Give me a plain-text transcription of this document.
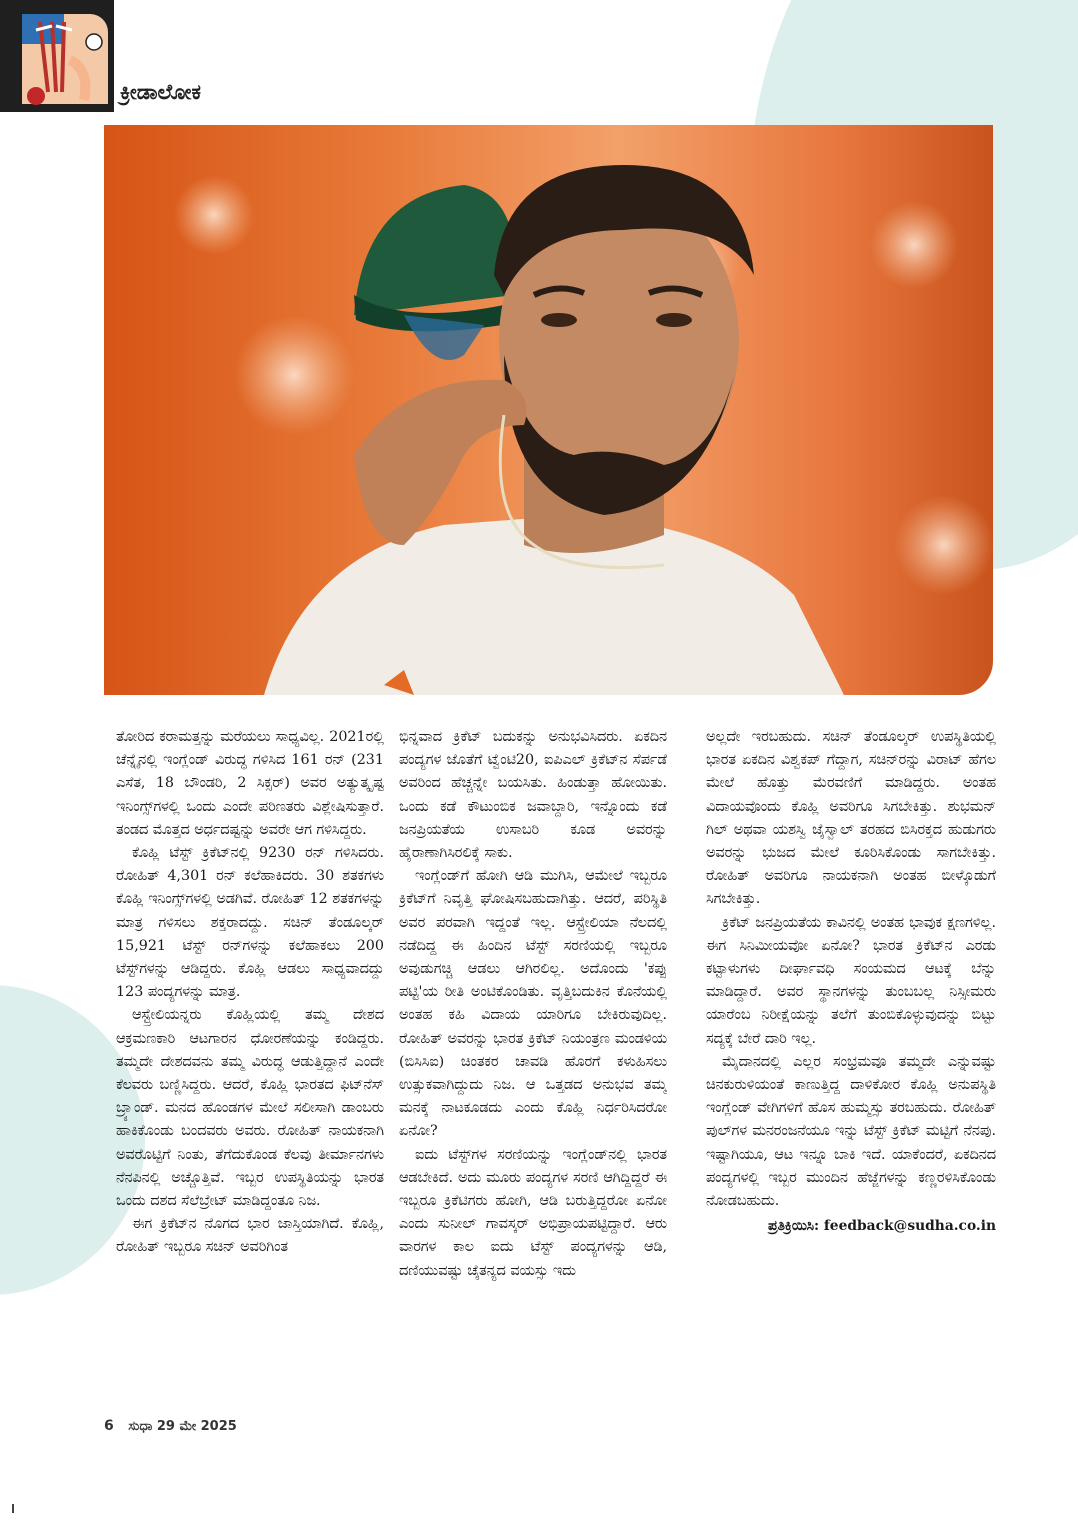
ಕ್ರೀಡಾಲೋಕ

ತೋರಿದ ಕರಾಮತ್ತನ್ನು ಮರೆಯಲು ಸಾಧ್ಯವಿಲ್ಲ. 2021ರಲ್ಲಿ ಚೆನ್ನೈನಲ್ಲಿ ಇಂಗ್ಲೆಂಡ್ ವಿರುದ್ಧ ಗಳಿಸಿದ 161 ರನ್ (231 ಎಸೆತ, 18 ಬೌಂಡರಿ, 2 ಸಿಕ್ಸರ್) ಅವರ ಅತ್ಯುತ್ಕೃಷ್ಟ ಇನಿಂಗ್ಸ್‌ಗಳಲ್ಲಿ ಒಂದು ಎಂದೇ ಪರಿಣತರು ವಿಶ್ಲೇಷಿಸುತ್ತಾರೆ. ತಂಡದ ಮೊತ್ತದ ಅರ್ಧದಷ್ಟನ್ನು ಅವರೇ ಆಗ ಗಳಿಸಿದ್ದರು.

ಕೊಹ್ಲಿ ಟೆಸ್ಟ್ ಕ್ರಿಕೆಟ್‌ನಲ್ಲಿ 9230 ರನ್ ಗಳಿಸಿದರು. ರೋಹಿತ್ 4,301 ರನ್ ಕಲೆಹಾಕಿದರು. 30 ಶತಕಗಳು ಕೊಹ್ಲಿ ಇನಿಂಗ್ಸ್‌ಗಳಲ್ಲಿ ಅಡಗಿವೆ. ರೋಹಿತ್ 12 ಶತಕಗಳನ್ನು ಮಾತ್ರ ಗಳಿಸಲು ಶಕ್ತರಾದದ್ದು. ಸಚಿನ್ ತೆಂಡೂಲ್ಕರ್ 15,921 ಟೆಸ್ಟ್ ರನ್‌ಗಳನ್ನು ಕಲೆಹಾಕಲು 200 ಟೆಸ್ಟ್‌ಗಳನ್ನು ಆಡಿದ್ದರು. ಕೊಹ್ಲಿ ಆಡಲು ಸಾಧ್ಯವಾದದ್ದು 123 ಪಂದ್ಯಗಳನ್ನು ಮಾತ್ರ.

ಆಸ್ಟ್ರೇಲಿಯನ್ನರು ಕೊಹ್ಲಿಯಲ್ಲಿ ತಮ್ಮ ದೇಶದ ಆಕ್ರಮಣಕಾರಿ ಆಟಗಾರನ ಧೋರಣೆಯನ್ನು ಕಂಡಿದ್ದರು. ತಮ್ಮದೇ ದೇಶದವನು ತಮ್ಮ ವಿರುದ್ಧ ಆಡುತ್ತಿದ್ದಾನೆ ಎಂದೇ ಕೆಲವರು ಬಣ್ಣಿಸಿದ್ದರು. ಆದರೆ, ಕೊಹ್ಲಿ ಭಾರತದ ಫಿಟ್‌ನೆಸ್ ಬ್ರ್ಯಾಂಡ್. ಮನದ ಹೊಂಡಗಳ ಮೇಲೆ ಸಲೀಸಾಗಿ ಡಾಂಬರು ಹಾಕಿಕೊಂಡು ಬಂದವರು ಅವರು. ರೋಹಿತ್ ನಾಯಕನಾಗಿ ಅವರೊಟ್ಟಿಗೆ ನಿಂತು, ತೆಗೆದುಕೊಂಡ ಕೆಲವು ತೀರ್ಮಾನಗಳು ನೆನಪಿನಲ್ಲಿ ಅಚ್ಚೊತ್ತಿವೆ. ಇಬ್ಬರ ಉಪಸ್ಥಿತಿಯನ್ನು ಭಾರತ ಒಂದು ದಶದ ಸೆಲೆಬ್ರೇಟ್ ಮಾಡಿದ್ದಂತೂ ನಿಜ.

ಈಗ ಕ್ರಿಕೆಟ್‌ನ ನೊಗದ ಭಾರ ಜಾಸ್ತಿಯಾಗಿದೆ. ಕೊಹ್ಲಿ, ರೋಹಿತ್ ಇಬ್ಬರೂ ಸಚಿನ್ ಅವರಿಗಿಂತ

ಭಿನ್ನವಾದ ಕ್ರಿಕೆಟ್ ಬದುಕನ್ನು ಅನುಭವಿಸಿದರು. ಏಕದಿನ ಪಂದ್ಯಗಳ ಜೊತೆಗೆ ಟ್ವೆಂಟಿ20, ಐಪಿಎಲ್ ಕ್ರಿಕೆಟ್‌ನ ಸೆರ್ಪಡೆ ಅವರಿಂದ ಹೆಚ್ಚನ್ನೇ ಬಯಸಿತು. ಹಿಂಡುತ್ತಾ ಹೋಯಿತು. ಒಂದು ಕಡೆ ಕೌಟುಂಬಿಕ ಜವಾಬ್ದಾರಿ, ಇನ್ನೊಂದು ಕಡೆ ಜನಪ್ರಿಯತೆಯ ಉಸಾಬರಿ ಕೂಡ ಅವರನ್ನು ಹೈರಾಣಾಗಿಸಿರಲಿಕ್ಕೆ ಸಾಕು.

ಇಂಗ್ಲೆಂಡ್‌ಗೆ ಹೋಗಿ ಆಡಿ ಮುಗಿಸಿ, ಆಮೇಲೆ ಇಬ್ಬರೂ ಕ್ರಿಕೆಟ್‌ಗೆ ನಿವೃತ್ತಿ ಘೋಷಿಸಬಹುದಾಗಿತ್ತು. ಆದರೆ, ಪರಿಸ್ಥಿತಿ ಅವರ ಪರವಾಗಿ ಇದ್ದಂತೆ ಇಲ್ಲ. ಆಸ್ಟ್ರೇಲಿಯಾ ನೆಲದಲ್ಲಿ ನಡೆದಿದ್ದ ಈ ಹಿಂದಿನ ಟೆಸ್ಟ್ ಸರಣಿಯಲ್ಲಿ ಇಬ್ಬರೂ ಅವುಡುಗಚ್ಚಿ ಆಡಲು ಆಗಿರಲಿಲ್ಲ. ಅದೊಂದು 'ಕಪ್ಪು ಪಟ್ಟಿ'ಯ ರೀತಿ ಅಂಟಿಕೊಂಡಿತು. ವೃತ್ತಿಬದುಕಿನ ಕೊನೆಯಲ್ಲಿ ಅಂತಹ ಕಹಿ ವಿದಾಯ ಯಾರಿಗೂ ಬೇಕಿರುವುದಿಲ್ಲ. ರೋಹಿತ್ ಅವರನ್ನು ಭಾರತ ಕ್ರಿಕೆಟ್ ನಿಯಂತ್ರಣ ಮಂಡಳಿಯ (ಬಿಸಿಸಿಐ) ಚಿಂತಕರ ಚಾವಡಿ ಹೊರಗೆ ಕಳುಹಿಸಲು ಉತ್ಸುಕವಾಗಿದ್ದುದು ನಿಜ. ಆ ಒತ್ತಡದ ಅನುಭವ ತಮ್ಮ ಮನಕ್ಕೆ ನಾಟಕೂಡದು ಎಂದು ಕೊಹ್ಲಿ ನಿರ್ಧರಿಸಿದರೋ ಏನೋ?

ಐದು ಟೆಸ್ಟ್‌ಗಳ ಸರಣಿಯನ್ನು ಇಂಗ್ಲೆಂಡ್‌ನಲ್ಲಿ ಭಾರತ ಆಡಬೇಕಿದೆ. ಅದು ಮೂರು ಪಂದ್ಯಗಳ ಸರಣಿ ಆಗಿದ್ದಿದ್ದರೆ ಈ ಇಬ್ಬರೂ ಕ್ರಿಕೆಟಿಗರು ಹೋಗಿ, ಆಡಿ ಬರುತ್ತಿದ್ದರೋ ಏನೋ ಎಂದು ಸುನೀಲ್ ಗಾವಸ್ಕರ್ ಅಭಿಪ್ರಾಯಪಟ್ಟಿದ್ದಾರೆ. ಆರು ವಾರಗಳ ಕಾಲ ಐದು ಟೆಸ್ಟ್ ಪಂದ್ಯಗಳನ್ನು ಆಡಿ, ದಣಿಯುವಷ್ಟು ಚೈತನ್ಯದ ವಯಸ್ಸು ಇದು

ಅಲ್ಲದೇ ಇರಬಹುದು. ಸಚಿನ್ ತೆಂಡೂಲ್ಕರ್ ಉಪಸ್ಥಿತಿಯಲ್ಲಿ ಭಾರತ ಏಕದಿನ ವಿಶ್ವಕಪ್ ಗೆದ್ದಾಗ, ಸಚಿನ್‌ರನ್ನು ವಿರಾಟ್ ಹೆಗಲ ಮೇಲೆ ಹೊತ್ತು ಮೆರವಣಿಗೆ ಮಾಡಿದ್ದರು. ಅಂತಹ ವಿದಾಯವೊಂದು ಕೊಹ್ಲಿ ಅವರಿಗೂ ಸಿಗಬೇಕಿತ್ತು. ಶುಭಮನ್ ಗಿಲ್ ಅಥವಾ ಯಶಸ್ವಿ ಜೈಸ್ವಾಲ್ ತರಹದ ಬಿಸಿರಕ್ತದ ಹುಡುಗರು ಅವರನ್ನು ಭುಜದ ಮೇಲೆ ಕೂರಿಸಿಕೊಂಡು ಸಾಗಬೇಕಿತ್ತು. ರೋಹಿತ್ ಅವರಿಗೂ ನಾಯಕನಾಗಿ ಅಂತಹ ಬೀಳ್ಕೊಡುಗೆ ಸಿಗಬೇಕಿತ್ತು.

ಕ್ರಿಕೆಟ್ ಜನಪ್ರಿಯತೆಯ ಕಾವಿನಲ್ಲಿ ಅಂತಹ ಭಾವುಕ ಕ್ಷಣಗಳಿಲ್ಲ. ಈಗ ಸಿನಿಮೀಯವೋ ಏನೋ? ಭಾರತ ಕ್ರಿಕೆಟ್‌ನ ಎರಡು ಕಟ್ಟಾಳುಗಳು ದೀರ್ಘಾವಧಿ ಸಂಯಮದ ಆಟಕ್ಕೆ ಬೆನ್ನು ಮಾಡಿದ್ದಾರೆ. ಅವರ ಸ್ಥಾನಗಳನ್ನು ತುಂಬಬಲ್ಲ ನಿಸ್ಸೀಮರು ಯಾರೆಂಬ ನಿರೀಕ್ಷೆಯನ್ನು ತಲೆಗೆ ತುಂಬಿಕೊಳ್ಳುವುದನ್ನು ಬಿಟ್ಟು ಸದ್ಯಕ್ಕೆ ಬೇರೆ ದಾರಿ ಇಲ್ಲ.

ಮೈದಾನದಲ್ಲಿ ಎಲ್ಲರ ಸಂಭ್ರಮವೂ ತಮ್ಮದೇ ಎನ್ನುವಷ್ಟು ಚಿನಕುರುಳಿಯಂತೆ ಕಾಣುತ್ತಿದ್ದ ದಾಳಿಕೋರ ಕೊಹ್ಲಿ ಅನುಪಸ್ಥಿತಿ ಇಂಗ್ಲೆಂಡ್ ವೇಗಿಗಳಿಗೆ ಹೊಸ ಹುಮ್ಮಸ್ಸು ತರಬಹುದು. ರೋಹಿತ್ ಪುಲ್‌ಗಳ ಮನರಂಜನೆಯೂ ಇನ್ನು ಟೆಸ್ಟ್ ಕ್ರಿಕೆಟ್ ಮಟ್ಟಿಗೆ ನೆನಪು. ಇಷ್ಟಾಗಿಯೂ, ಆಟ ಇನ್ನೂ ಬಾಕಿ ಇದೆ. ಯಾಕೆಂದರೆ, ಏಕದಿನದ ಪಂದ್ಯಗಳಲ್ಲಿ ಇಬ್ಬರ ಮುಂದಿನ ಹೆಜ್ಜೆಗಳನ್ನು ಕಣ್ಣರಳಿಸಿಕೊಂಡು ನೋಡಬಹುದು.

ಪ್ರತಿಕ್ರಿಯಿಸಿ: feedback@sudha.co.in
6 ಸುಧಾ 29 ಮೇ 2025
